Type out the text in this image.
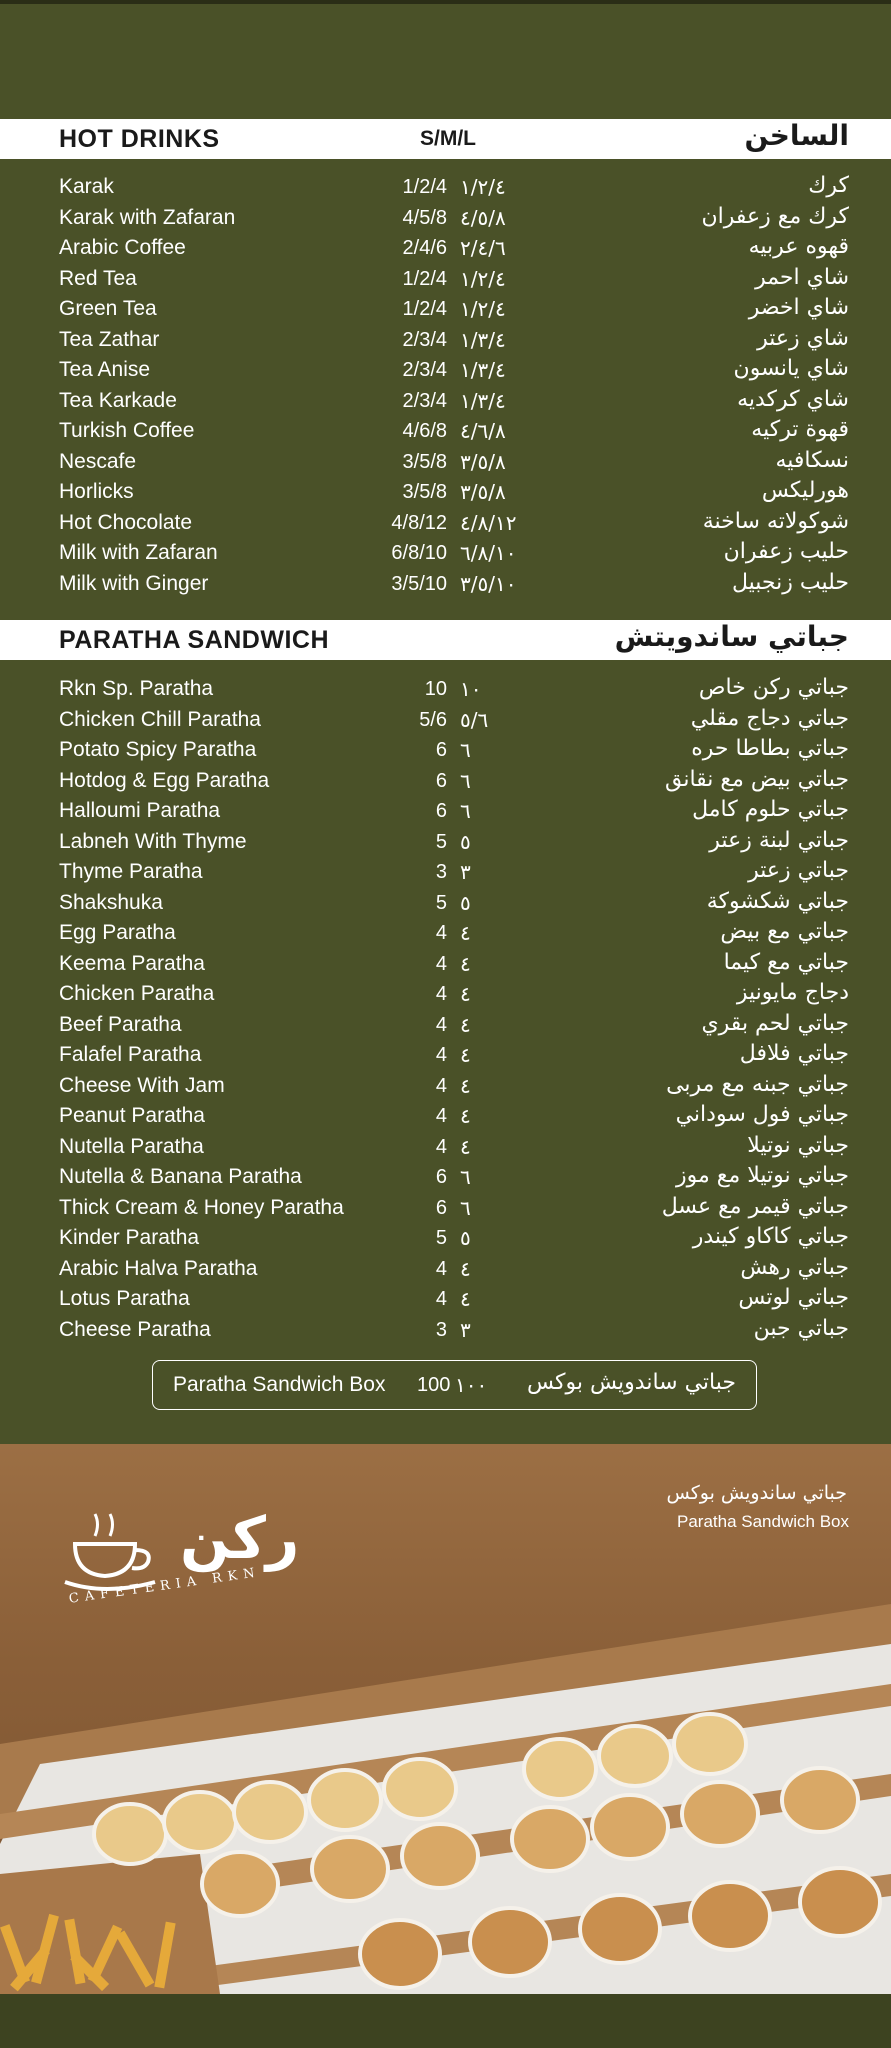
HOT DRINKS	S/M/L	الساخن
Karak	1/2/4 ١/٢/٤	كرك
Karak with Zafaran	4/5/8 ٤/٥/٨	كرك مع زعفران
Arabic Coffee	2/4/6 ٢/٤/٦	قهوه عربيه
Red Tea	1/2/4 ١/٢/٤	شاي احمر
Green Tea	1/2/4 ١/٢/٤	شاي اخضر
Tea Zathar	2/3/4 ١/٣/٤	شاي زعتر
Tea Anise	2/3/4 ١/٣/٤	شاي يانسون
Tea Karkade	2/3/4 ١/٣/٤	شاي كركديه
Turkish Coffee	4/6/8 ٤/٦/٨	قهوة تركيه
Nescafe	3/5/8 ٣/٥/٨	نسكافيه
Horlicks	3/5/8 ٣/٥/٨	هورليكس
Hot Chocolate	4/8/12 ٤/٨/١٢	شوكولاته ساخنة
Milk with Zafaran	6/8/10 ٦/٨/١٠	حليب زعفران
Milk with Ginger	3/5/10 ٣/٥/١٠	حليب زنجبيل
PARATHA SANDWICH	جباتي ساندويتش
Rkn Sp. Paratha	10 ١٠	جباتي ركن خاص
Chicken Chill Paratha	5/6 ٥/٦	جباتي دجاج مقلي
Potato Spicy Paratha	6 ٦	جباتي بطاطا حره
Hotdog & Egg Paratha	6 ٦	جباتي بيض مع نقانق
Halloumi Paratha	6 ٦	جباتي حلوم كامل
Labneh With Thyme	5 ٥	جباتي لبنة زعتر
Thyme Paratha	3 ٣	جباتي زعتر
Shakshuka	5 ٥	جباتي شكشوكة
Egg Paratha	4 ٤	جباتي مع بيض
Keema Paratha	4 ٤	جباتي مع كيما
Chicken Paratha	4 ٤	دجاج مايونيز
Beef Paratha	4 ٤	جباتي لحم بقري
Falafel Paratha	4 ٤	جباتي فلافل
Cheese With Jam	4 ٤	جباتي جبنه مع مربى
Peanut Paratha	4 ٤	جباتي فول سوداني
Nutella Paratha	4 ٤	جباتي نوتيلا
Nutella & Banana Paratha	6 ٦	جباتي نوتيلا مع موز
Thick Cream & Honey Paratha	6 ٦	جباتي قيمر مع عسل
Kinder Paratha	5 ٥	جباتي كاكاو كيندر
Arabic Halva Paratha	4 ٤	جباتي رهش
Lotus Paratha	4 ٤	جباتي لوتس
Cheese Paratha	3 ٣	جباتي جبن
Paratha Sandwich Box 100 ١٠٠ جباتي ساندويش بوكس
ركن
CAFETERIA RKN
جباتي ساندويش بوكس
Paratha Sandwich Box
